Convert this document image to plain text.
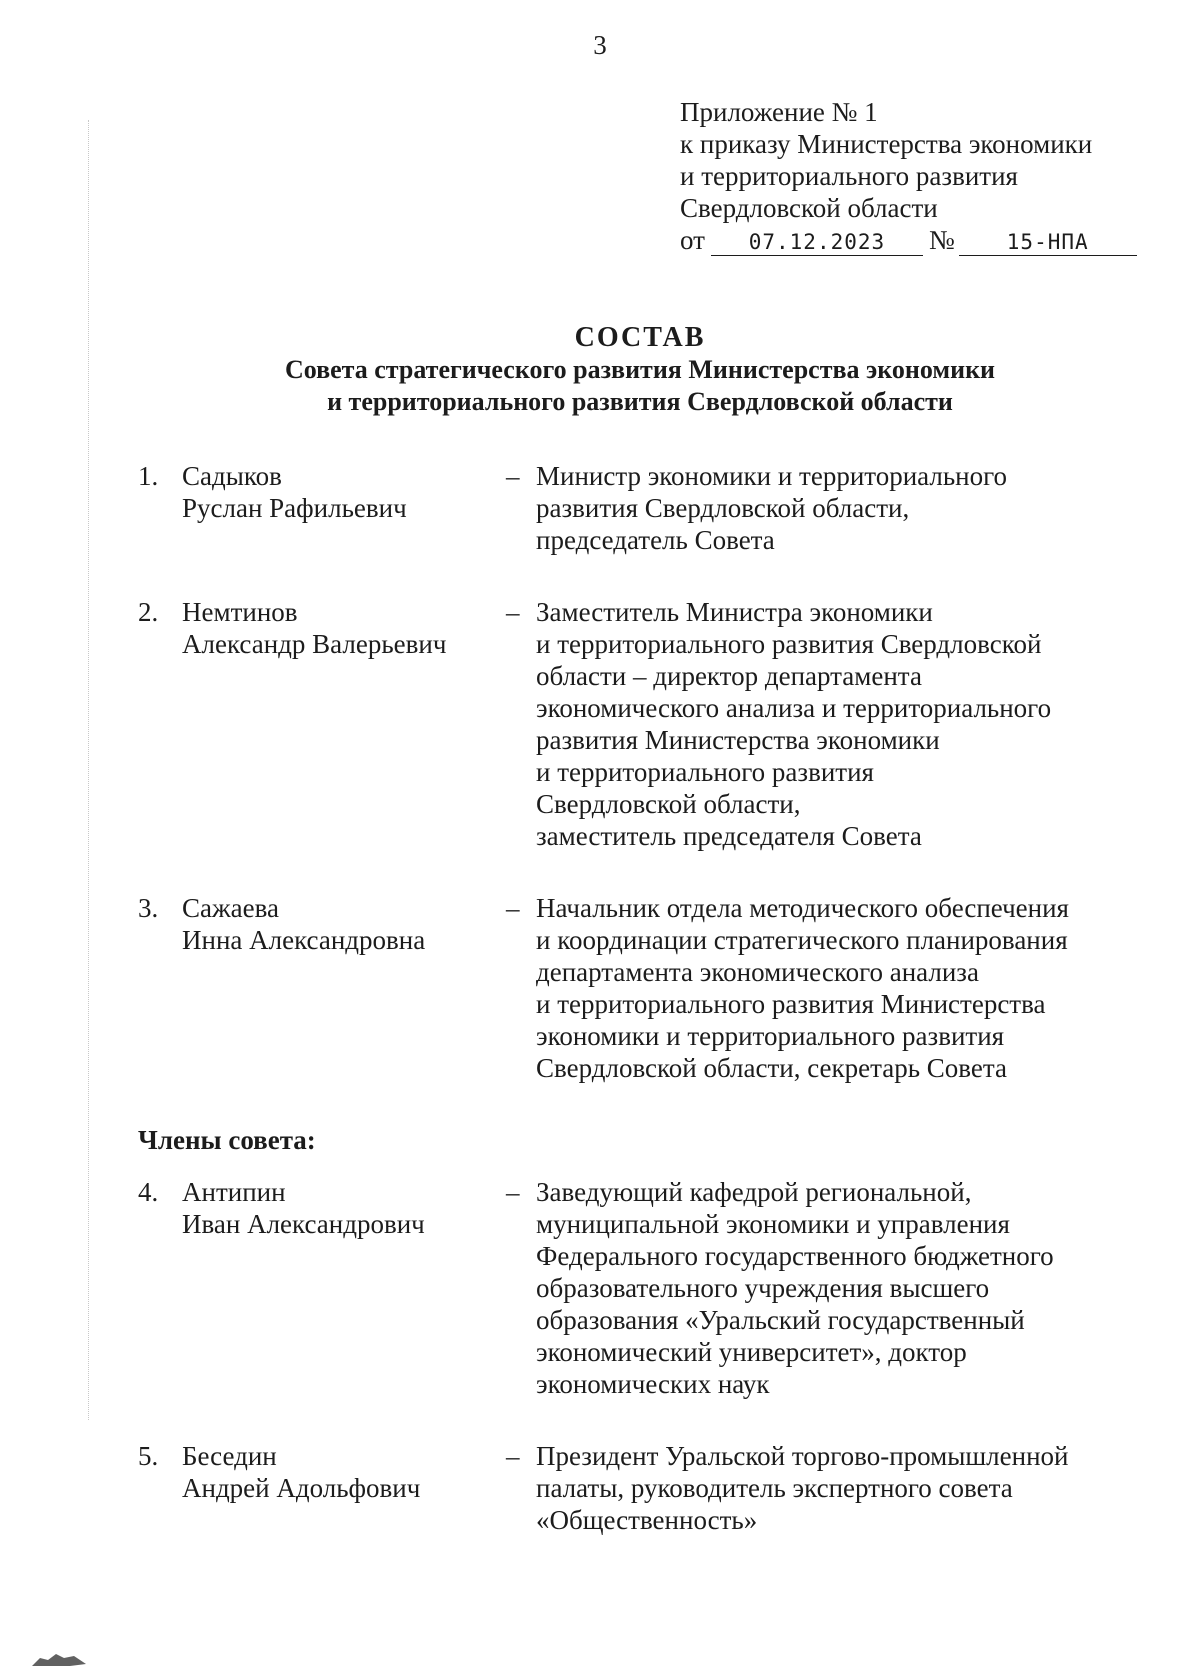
3
Приложение № 1
к приказу Министерства экономики
и территориального развития
Свердловской области
от 07.12.2023 № 15-НПА
СОСТАВ
Совета стратегического развития Министерства экономики
и территориального развития Свердловской области
1. Садыков
Руслан Рафильевич
– Министр экономики и территориального
развития Свердловской области,
председатель Совета
2. Немтинов
Александр Валерьевич
– Заместитель Министра экономики
и территориального развития Свердловской
области – директор департамента
экономического анализа и территориального
развития Министерства экономики
и территориального развития
Свердловской области,
заместитель председателя Совета
3. Сажаева
Инна Александровна
– Начальник отдела методического обеспечения
и координации стратегического планирования
департамента экономического анализа
и территориального развития Министерства
экономики и территориального развития
Свердловской области, секретарь Совета
Члены совета:
4. Антипин
Иван Александрович
– Заведующий кафедрой региональной,
муниципальной экономики и управления
Федерального государственного бюджетного
образовательного учреждения высшего
образования «Уральский государственный
экономический университет», доктор
экономических наук
5. Беседин
Андрей Адольфович
– Президент Уральской торгово-промышленной
палаты, руководитель экспертного совета
«Общественность»
